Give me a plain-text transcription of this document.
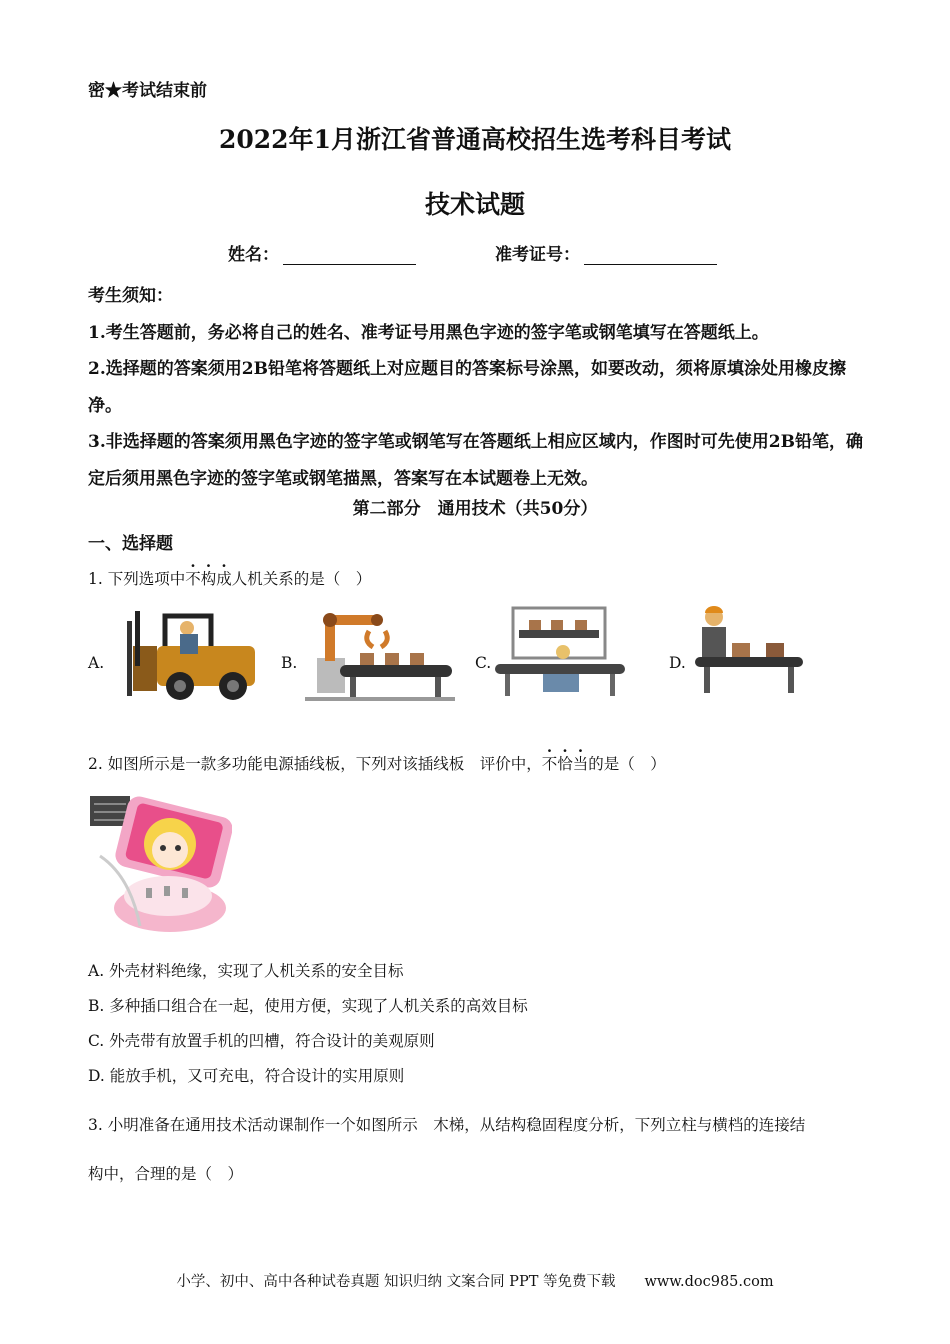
密★考试结束前
2022年1月浙江省普通高校招生选考科目考试
技术试题
姓名：	准考证号：

考生须知：

1.考生答题前，务必将自己的姓名、准考证号用黑色字迹的签字笔或钢笔填写在答题纸上。

2.选择题的答案须用2B铅笔将答题纸上对应题目的答案标号涂黑，如要改动，须将原填涂处用橡皮擦净。

3.非选择题的答案须用黑色字迹的签字笔或钢笔写在答题纸上相应区域内，作图时可先使用2B铅笔，确定后须用黑色字迹的签字笔或钢笔描黑，答案写在本试题卷上无效。

第二部分　通用技术（共50分）
一、选择题
1. 下列选项中不构成人机关系的是（　）
A.	B.	C.	D.
2. 如图所示是一款多功能电源插线板，下列对该插线板　评价中，不恰当的是（　）
A. 外壳材料绝缘，实现了人机关系的安全目标
B. 多种插口组合在一起，使用方便，实现了人机关系的高效目标
C. 外壳带有放置手机的凹槽，符合设计的美观原则
D. 能放手机，又可充电，符合设计的实用原则
3. 小明准备在通用技术活动课制作一个如图所示　木梯，从结构稳固程度分析，下列立柱与横档的连接结
构中，合理的是（　）
小学、初中、高中各种试卷真题 知识归纳 文案合同 PPT 等免费下载　　www.doc985.com
